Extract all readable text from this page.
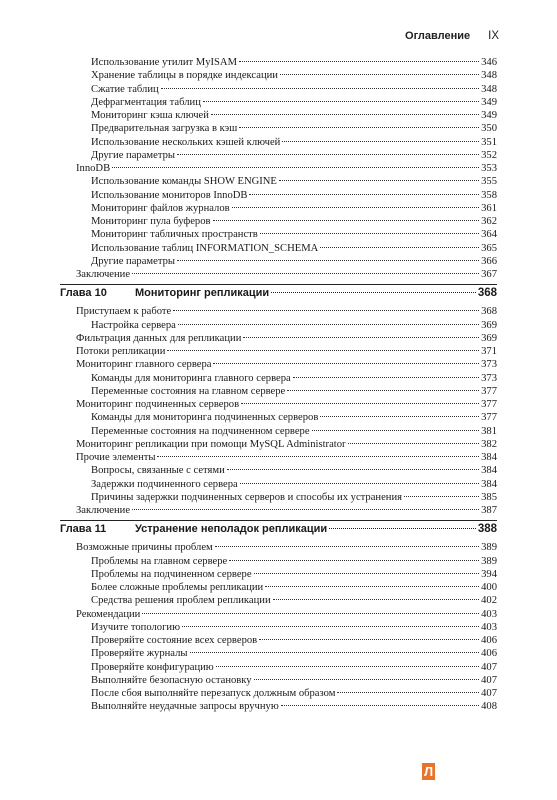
Оглавление IX
Использование утилит MyISAM	346
Хранение таблицы в порядке индексации	348
Сжатие таблиц	348
Дефрагментация таблиц	349
Мониторинг кэша ключей	349
Предварительная загрузка в кэш	350
Использование нескольких кэшей ключей	351
Другие параметры	352
InnoDB	353
Использование команды SHOW ENGINE	355
Использование мониторов InnoDB	358
Мониторинг файлов журналов	361
Мониторинг пула буферов	362
Мониторинг табличных пространств	364
Использование таблиц INFORMATION_SCHEMA	365
Другие параметры	366
Заключение	367
Глава 10	Мониторинг репликации	368
Приступаем к работе	368
Настройка сервера	369
Фильтрация данных для репликации	369
Потоки репликации	371
Мониторинг главного сервера	373
Команды для мониторинга главного сервера	373
Переменные состояния на главном сервере	377
Мониторинг подчиненных серверов	377
Команды для мониторинга подчиненных серверов	377
Переменные состояния на подчиненном сервере	381
Мониторинг репликации при помощи MySQL Administrator	382
Прочие элементы	384
Вопросы, связанные с сетями	384
Задержки подчиненного сервера	384
Причины задержки подчиненных серверов и способы их устранения	385
Заключение	387
Глава 11	Устранение неполадок репликации	388
Возможные причины проблем	389
Проблемы на главном сервере	389
Проблемы на подчиненном сервере	394
Более сложные проблемы репликации	400
Средства решения проблем репликации	402
Рекомендации	403
Изучите топологию	403
Проверяйте состояние всех серверов	406
Проверяйте журналы	406
Проверяйте конфигурацию	407
Выполняйте безопасную остановку	407
После сбоя выполняйте перезапуск должным образом	407
Выполняйте неудачные запросы вручную	408
Л
